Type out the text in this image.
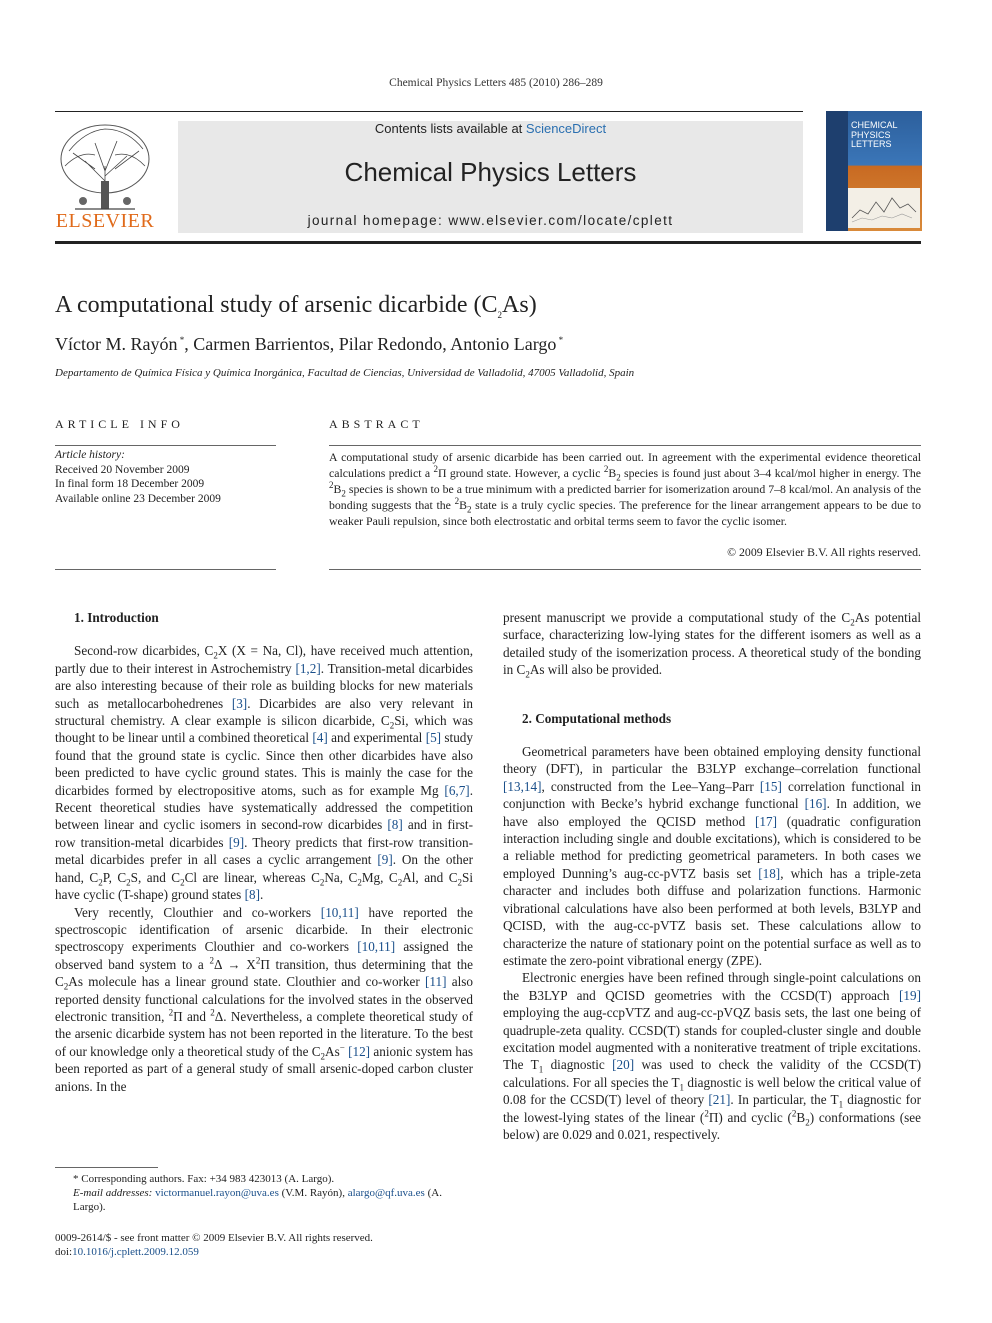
Chemical Physics Letters 485 (2010) 286–289
ELSEVIER
Contents lists available at ScienceDirect
Chemical Physics Letters
journal homepage: www.elsevier.com/locate/cplett
CHEMICAL PHYSICS LETTERS
A computational study of arsenic dicarbide $(C_2As)$
Víctor M. Rayón *, Carmen Barrientos, Pilar Redondo, Antonio Largo *
Departamento de Química Física y Química Inorgánica, Facultad de Ciencias, Universidad de Valladolid, 47005 Valladolid, Spain
ARTICLE INFO
Article history:
Received 20 November 2009
In final form 18 December 2009
Available online 23 December 2009
ABSTRACT
A computational study of arsenic dicarbide has been carried out. In agreement with the experimental evidence theoretical calculations predict a $^2$Π ground state. However, a cyclic $^2B_2$ species is found just about 3–4 kcal/mol higher in energy. The $^2B_2$ species is shown to be a true minimum with a predicted barrier for isomerization around 7–8 kcal/mol. An analysis of the bonding suggests that the $^2B_2$ state is a truly cyclic species. The preference for the linear arrangement appears to be due to weaker Pauli repulsion, since both electrostatic and orbital terms seem to favor the cyclic isomer.
© 2009 Elsevier B.V. All rights reserved.

1. Introduction

Second-row dicarbides, $C_2X$ (X = Na, Cl), have received much attention, partly due to their interest in Astrochemistry [1,2]. Transition-metal dicarbides are also interesting because of their role as building blocks for new materials such as metallocarbohedrenes [3]. Dicarbides are also very relevant in structural chemistry. A clear example is silicon dicarbide, $C_2Si$, which was thought to be linear until a combined theoretical [4] and experimental [5] study found that the ground state is cyclic. Since then other dicarbides have also been predicted to have cyclic ground states. This is mainly the case for the dicarbides formed by electropositive atoms, such as for example Mg [6,7]. Recent theoretical studies have systematically addressed the competition between linear and cyclic isomers in second-row dicarbides [8] and in first-row transition-metal dicarbides [9]. Theory predicts that first-row transition-metal dicarbides prefer in all cases a cyclic arrangement [9]. On the other hand, $C_2P$, $C_2S$, and $C_2Cl$ are linear, whereas $C_2Na$, $C_2Mg$, $C_2Al$, and $C_2Si$ have cyclic (T-shape) ground states [8].

Very recently, Clouthier and co-workers [10,11] have reported the spectroscopic identification of arsenic dicarbide. In their electronic spectroscopy experiments Clouthier and co-workers [10,11] assigned the observed band system to a $^2\Delta \to X^2\Pi$ transition, thus determining that the $C_2As$ molecule has a linear ground state. Clouthier and co-worker [11] also reported density functional calculations for the involved states in the observed electronic transition, $^2$Π and $^2$Δ. Nevertheless, a complete theoretical study of the arsenic dicarbide system has not been reported in the literature. To the best of our knowledge only a theoretical study of the $C_2As^-$ [12] anionic system has been reported as part of a general study of small arsenic-doped carbon cluster anions. In the

present manuscript we provide a computational study of the $C_2As$ potential surface, characterizing low-lying states for the different isomers as well as a detailed study of the isomerization process. A theoretical study of the bonding in $C_2As$ will also be provided.

2. Computational methods

Geometrical parameters have been obtained employing density functional theory (DFT), in particular the B3LYP exchange–correlation functional [13,14], constructed from the Lee–Yang–Parr [15] correlation functional in conjunction with Becke’s hybrid exchange functional [16]. In addition, we have also employed the QCISD method [17] (quadratic configuration interaction including single and double excitations), which is considered to be a reliable method for predicting geometrical parameters. In both cases we employed Dunning’s aug-cc-pVTZ basis set [18], which has a triple-zeta character and includes both diffuse and polarization functions. Harmonic vibrational calculations have also been performed at both levels, B3LYP and QCISD, with the aug-cc-pVTZ basis set. These calculations allow to characterize the nature of stationary point on the potential surface as well as to estimate the zero-point vibrational energy (ZPE).

Electronic energies have been refined through single-point calculations on the B3LYP and QCISD geometries with the CCSD(T) approach [19] employing the aug-ccpVTZ and aug-cc-pVQZ basis sets, the last one being of quadruple-zeta quality. CCSD(T) stands for coupled-cluster single and double excitation model augmented with a noniterative treatment of triple excitations. The $T_1$ diagnostic [20] was used to check the validity of the CCSD(T) calculations. For all species the $T_1$ diagnostic is well below the critical value of 0.08 for the CCSD(T) level of theory [21]. In particular, the $T_1$ diagnostic for the lowest-lying states of the linear ($^2$Π) and cyclic $(^2B_2)$ conformations (see below) are 0.029 and 0.021, respectively.

* Corresponding authors. Fax: +34 983 423013 (A. Largo).
E-mail addresses: victormanuel.rayon@uva.es (V.M. Rayón), alargo@qf.uva.es (A. Largo).
0009-2614/$ - see front matter © 2009 Elsevier B.V. All rights reserved.
doi:10.1016/j.cplett.2009.12.059
